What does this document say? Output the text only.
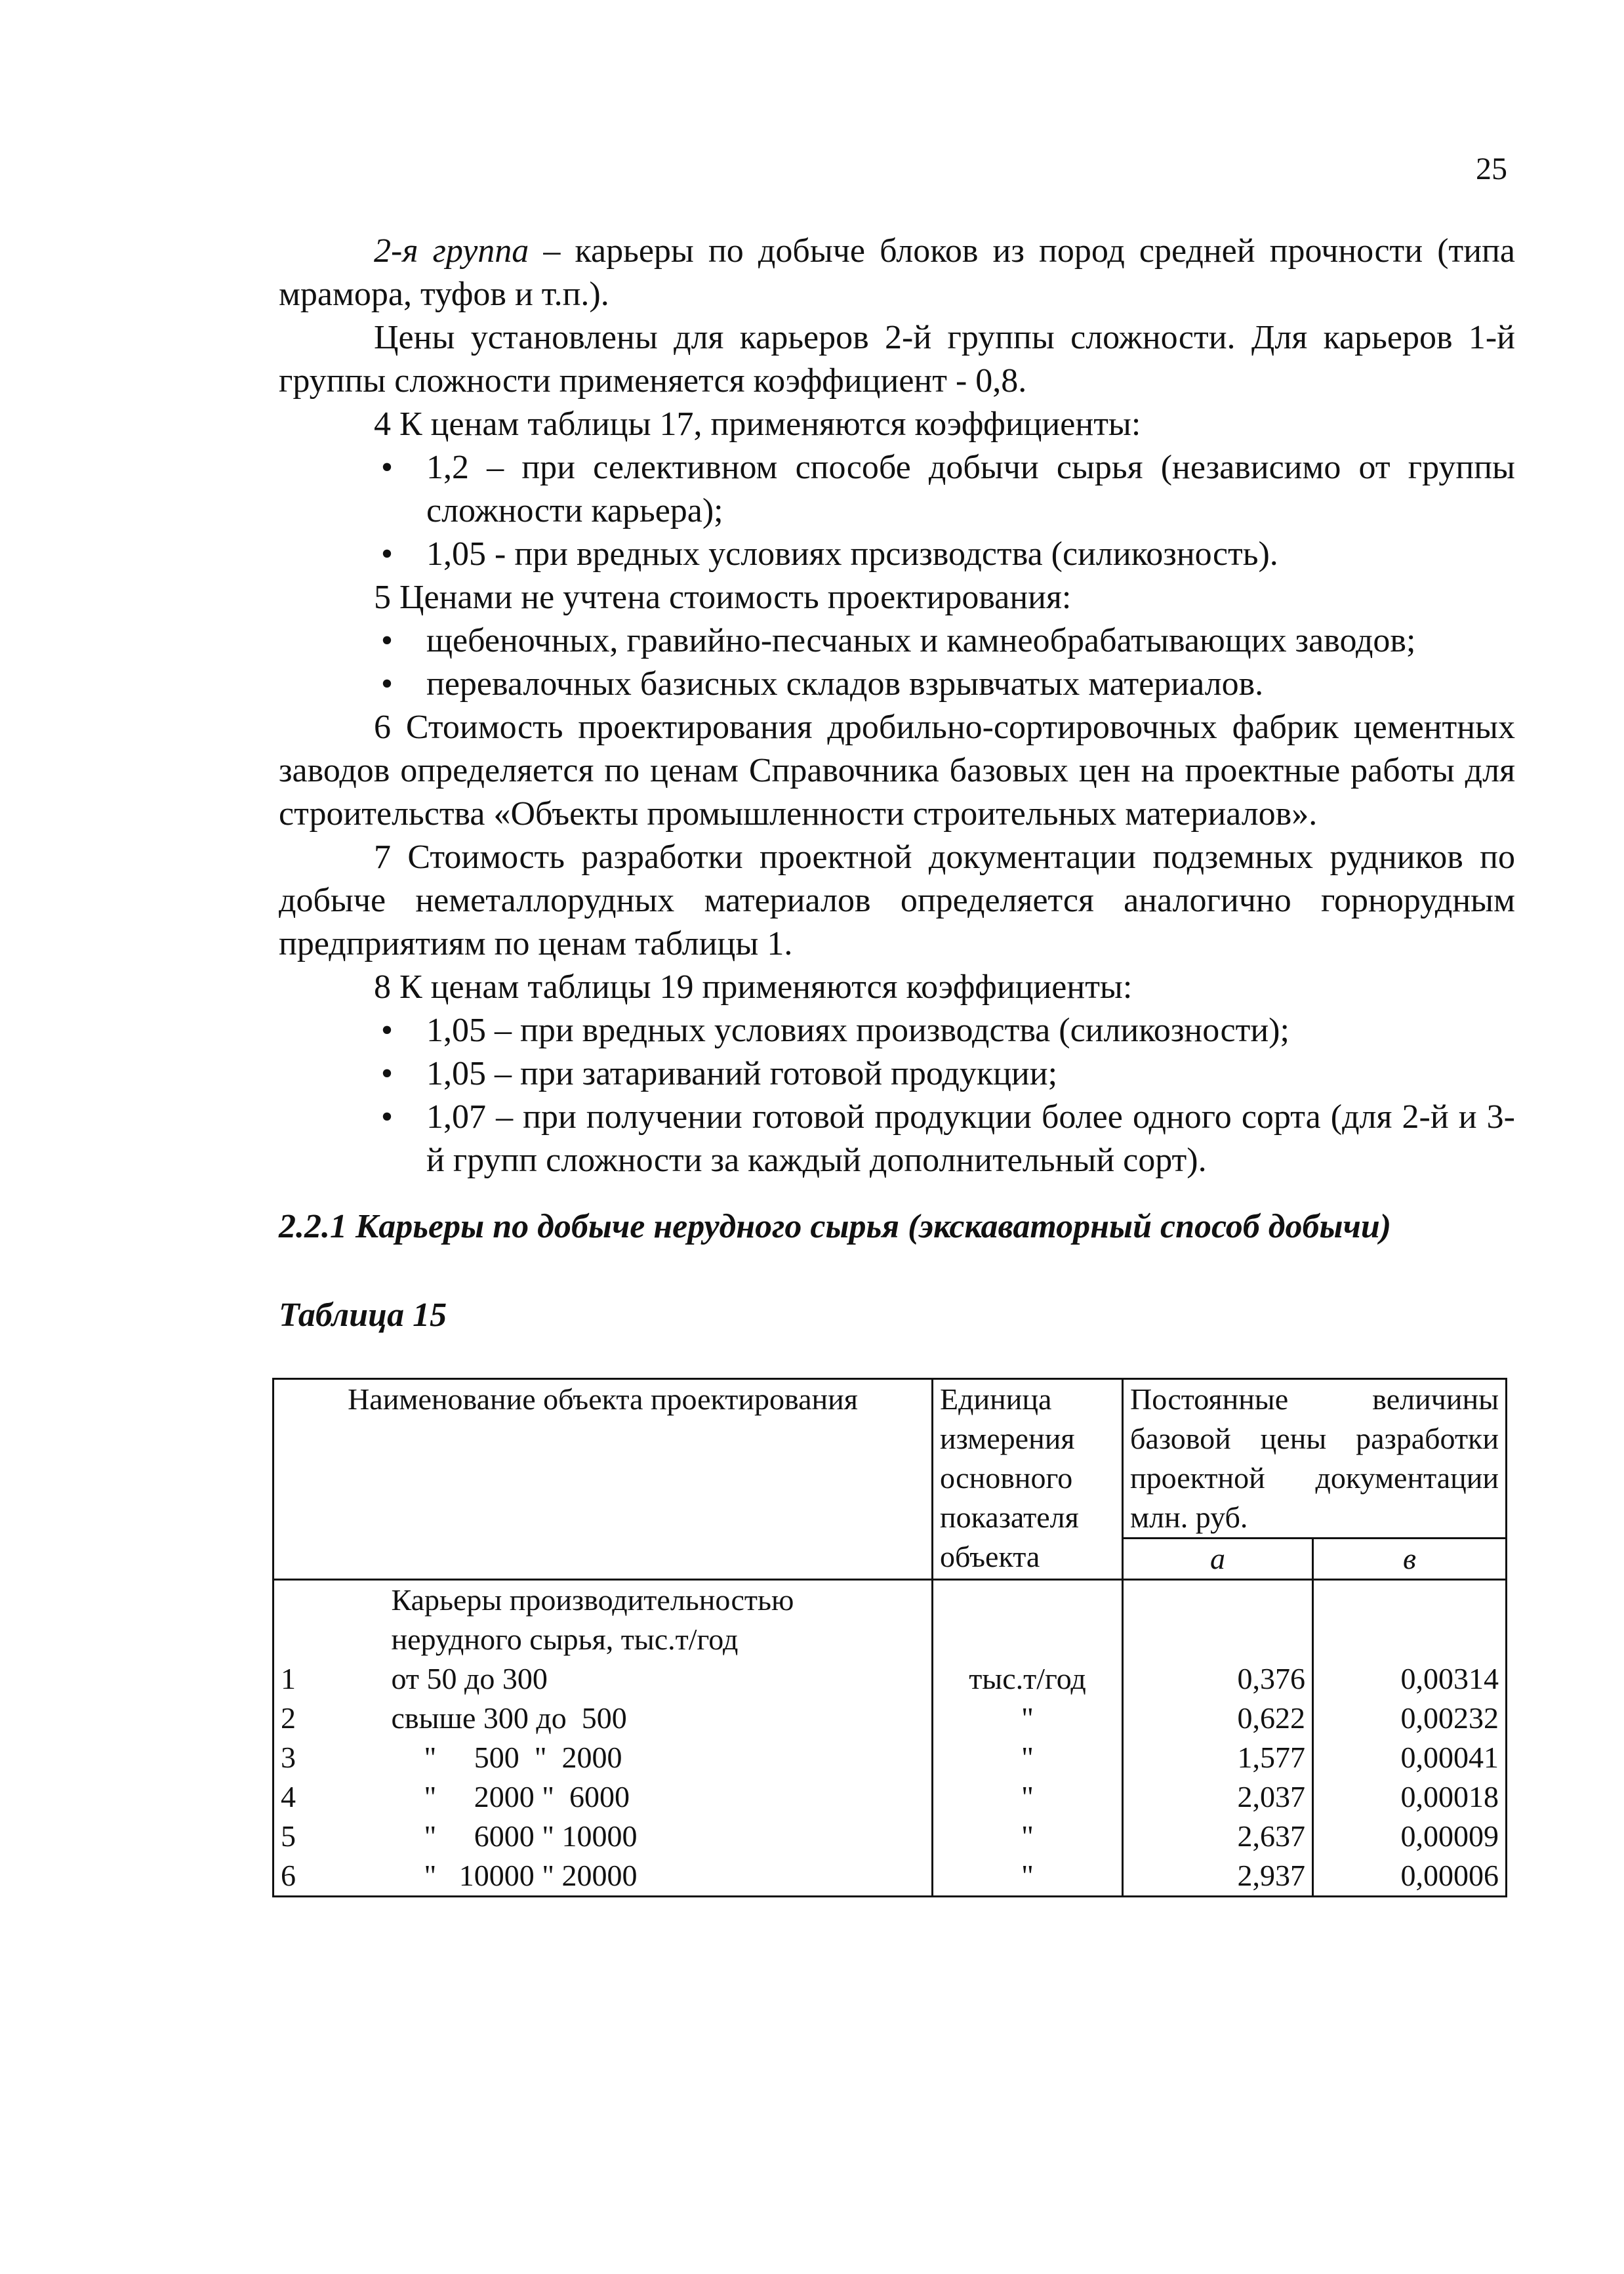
25

2-я группа – карьеры по добыче блоков из пород средней прочности (типа мрамора, туфов и т.п.).

Цены установлены для карьеров 2-й группы сложности. Для карьеров 1-й группы сложности применяется коэффициент - 0,8.

4 К ценам таблицы 17, применяются коэффициенты:

• 1,2 – при селективном способе добычи сырья (независимо от группы сложности карьера);
• 1,05 - при вредных условиях прсизводства (силикозность).

5 Ценами не учтена стоимость проектирования:

• щебеночных, гравийно-песчаных и камнеобрабатывающих заводов;
• перевалочных базисных складов взрывчатых материалов.

6 Стоимость проектирования дробильно-сортировочных фабрик цементных заводов определяется по ценам Справочника базовых цен на проектные работы для строительства «Объекты промышленности строительных материалов».

7 Стоимость разработки проектной документации подземных рудников по добыче неметаллорудных материалов определяется аналогично горнорудным предприятиям по ценам таблицы 1.

8 К ценам таблицы 19 применяются коэффициенты:

• 1,05 – при вредных условиях производства (силикозности);
• 1,05 – при затариваний готовой продукции;
• 1,07 – при получении готовой продукции более одного сорта (для 2-й и 3-й групп сложности за каждый дополнительный сорт).
2.2.1 Карьеры по добыче нерудного сырья (экскаваторный способ добычи)
Таблица 15
Наименование объекта проектирования		Единица измерения основного показателя объекта	Постоянные величины базовой цены разработки проектной документации млн. руб.	
			а	в
	Карьеры производительностью нерудного сырья, тыс.т/год			
1	от 50 до 300	тыс.т/год	0,376	0,00314
2	свыше 300 до  500	"	0,622	0,00232
3	"     500  "  2000	"	1,577	0,00041
4	"     2000 "  6000	"	2,037	0,00018
5	"     6000 " 10000	"	2,637	0,00009
6	"   10000 " 20000	"	2,937	0,00006
